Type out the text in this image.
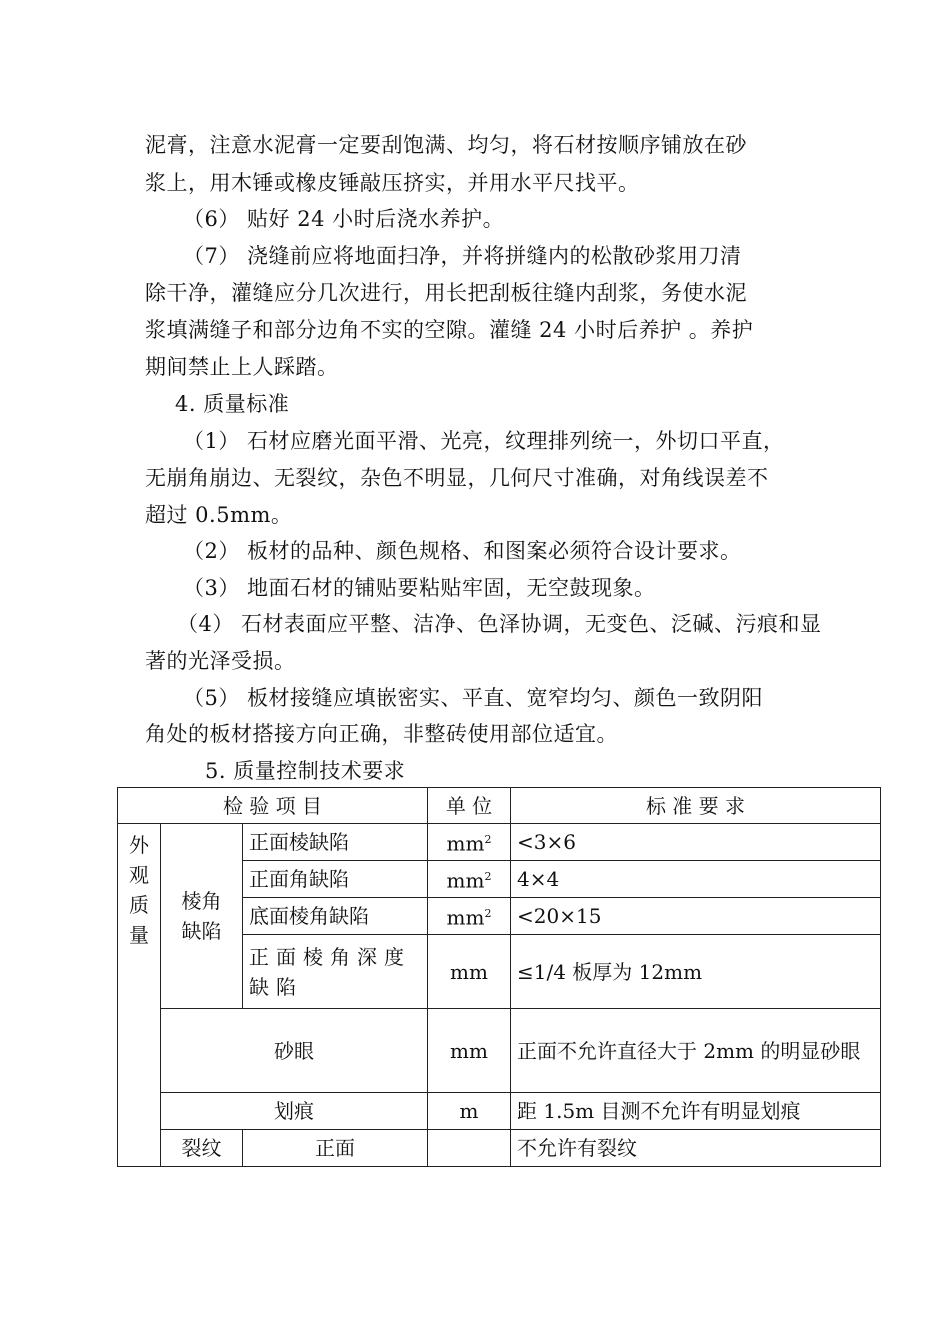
泥膏，注意水泥膏一定要刮饱满、均匀，将石材按顺序铺放在砂
浆上，用木锤或橡皮锤敲压挤实，并用水平尺找平。
（6） 贴好 24 小时后浇水养护。
（7） 浇缝前应将地面扫净，并将拼缝内的松散砂浆用刀清
除干净，灌缝应分几次进行，用长把刮板往缝内刮浆，务使水泥
浆填满缝子和部分边角不实的空隙。灌缝 24 小时后养护 。养护
期间禁止上人踩踏。
4. 质量标准
（1） 石材应磨光面平滑、光亮，纹理排列统一，外切口平直，
无崩角崩边、无裂纹，杂色不明显，几何尺寸准确，对角线误差不
超过 0.5mm。
（2） 板材的品种、颜色规格、和图案必须符合设计要求。
（3） 地面石材的铺贴要粘贴牢固，无空鼓现象。
（4） 石材表面应平整、洁净、色泽协调，无变色、泛碱、污痕和显
著的光泽受损。
（5） 板材接缝应填嵌密实、平直、宽窄均匀、颜色一致阴阳
角处的板材搭接方向正确，非整砖使用部位适宜。
5. 质量控制技术要求
检 验 项 目			单 位	标 准 要 求
外观质量	棱角缺陷	正面棱缺陷	$mm^2$	<3×6
		正面角缺陷	$mm^2$	4×4
		底面棱角缺陷	$mm^2$	<20×15
		正面棱角深度缺陷	mm	≤1/4 板厚为 12mm
	砂眼		mm	正面不允许直径大于 2mm 的明显砂眼
	划痕		m	距 1.5m 目测不允许有明显划痕
	裂纹	正面		不允许有裂纹
